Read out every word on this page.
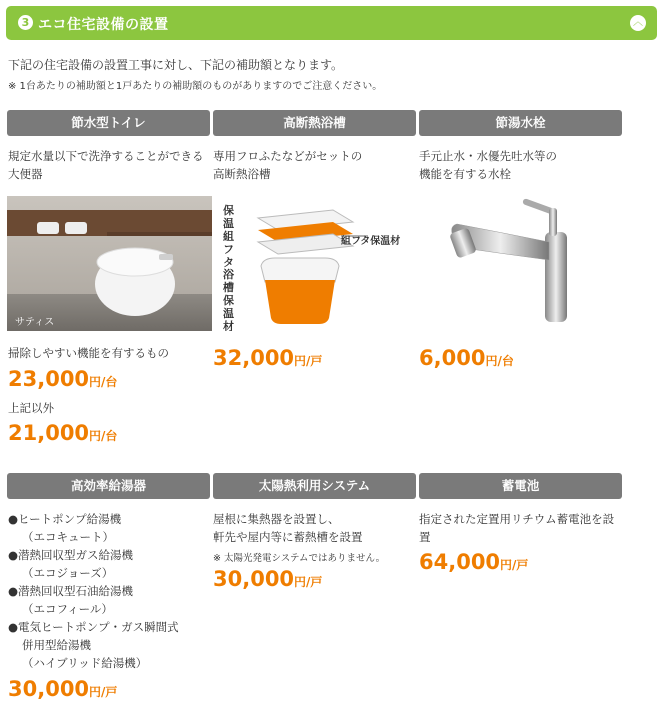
3 エコ住宅設備の設置	︿
下記の住宅設備の設置工事に対し、下記の補助額となります。
※ 1台あたりの補助額と1戸あたりの補助額のものがありますのでご注意ください。
節水型トイレ	高断熱浴槽	節湯水栓
規定水量以下で洗浄することができる
大便器
サティス
掃除しやすい機能を有するもの
23,000円/台
上記以外
21,000円/台
専用フロふたなどがセットの
高断熱浴槽
保温組フタ
組フタ保温材
浴槽保温材
32,000円/戸
手元止水・水優先吐水等の
機能を有する水栓
6,000円/台
高効率給湯器	太陽熱利用システム	蓄電池
●ヒートポンプ給湯機
（エコキュート）
●潜熱回収型ガス給湯機
（エコジョーズ）
●潜熱回収型石油給湯機
（エコフィール）
●電気ヒートポンプ・ガス瞬間式
併用型給湯機
（ハイブリッド給湯機）
30,000円/戸
屋根に集熱器を設置し、
軒先や屋内等に蓄熱槽を設置
※ 太陽光発電システムではありません。
30,000円/戸
指定された定置用リチウム蓄電池を設
置
64,000円/戸
